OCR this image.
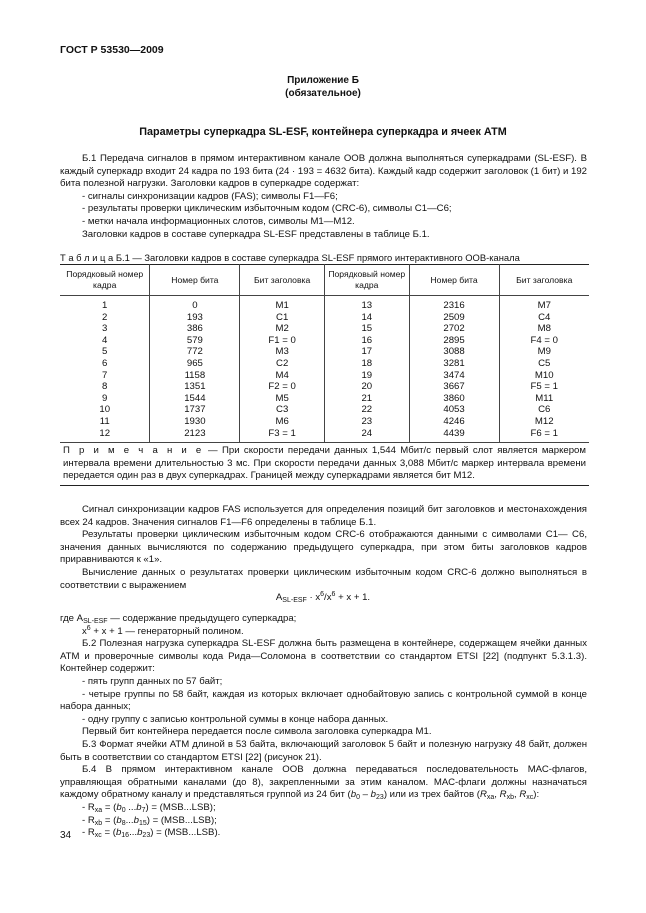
ГОСТ Р 53530—2009
Приложение Б
(обязательное)
Параметры суперкадра SL-ESF, контейнера суперкадра и ячеек АТМ

Б.1 Передача сигналов в прямом интерактивном канале ООВ должна выполняться суперкадрами (SL-ESF). В каждый суперкадр входит 24 кадра по 193 бита (24 · 193 = 4632 бита). Каждый кадр содержит заголовок (1 бит) и 192 бита полезной нагрузки. Заголовки кадров в суперкадре содержат:

- сигналы синхронизации кадров (FAS); символы F1—F6;

- результаты проверки циклическим избыточным кодом (CRC-6), символы C1—C6;

- метки начала информационных слотов, символы M1—M12.

Заголовки кадров в составе суперкадра SL-ESF представлены в таблице Б.1.

Т а б л и ц а Б.1 — Заголовки кадров в составе суперкадра SL-ESF прямого интерактивного ООВ-канала
Порядковый номер кадра	Номер бита	Бит заголовка	Порядковый номер кадра	Номер бита	Бит заголовка
1	0	M1	13	2316	M7
2	193	C1	14	2509	C4
3	386	M2	15	2702	M8
4	579	F1 = 0	16	2895	F4 = 0
5	772	M3	17	3088	M9
6	965	C2	18	3281	C5
7	1158	M4	19	3474	M10
8	1351	F2 = 0	20	3667	F5 = 1
9	1544	M5	21	3860	M11
10	1737	C3	22	4053	C6
11	1930	M6	23	4246	M12
12	2123	F3 = 1	24	4439	F6 = 1
П р и м е ч а н и е — При скорости передачи данных 1,544 Мбит/с первый слот является маркером интервала времени длительностью 3 мс. При скорости передачи данных 3,088 Мбит/с маркер интервала времени передается один раз в двух суперкадрах. Границей между суперкадрами является бит M12.					

Сигнал синхронизации кадров FAS используется для определения позиций бит заголовков и местонахождения всех 24 кадров. Значения сигналов F1—F6 определены в таблице Б.1.

Результаты проверки циклическим избыточным кодом CRC-6 отображаются данными с символами C1— C6, значения данных вычисляются по содержанию предыдущего суперкадра, при этом биты заголовков кадров приравниваются к «1».

Вычисление данных о результатах проверки циклическим избыточным кодом CRC-6 должно выполняться в соответствии с выражением

$A_{SL-ESF} \cdot x^6/x^6 + x + 1$.

где $A_{SL-ESF}$ — содержание предыдущего суперкадра;

$x^6 + x + 1$ — генераторный полином.

Б.2 Полезная нагрузка суперкадра SL-ESF должна быть размещена в контейнере, содержащем ячейки данных АТМ и проверочные символы кода Рида—Соломона в соответствии со стандартом ETSI [22] (подпункт 5.3.1.3). Контейнер содержит:

- пять групп данных по 57 байт;

- четыре группы по 58 байт, каждая из которых включает однобайтовую запись с контрольной суммой в конце набора данных;

- одну группу с записью контрольной суммы в конце набора данных.

Первый бит контейнера передается после символа заголовка суперкадра M1.

Б.3 Формат ячейки АТМ длиной в 53 байта, включающий заголовок 5 байт и полезную нагрузку 48 байт, должен быть в соответствии со стандартом ETSI [22] (рисунок 21).

Б.4 В прямом интерактивном канале ООВ должна передаваться последовательность МАС-флагов, управляющая обратными каналами (до 8), закрепленными за этим каналом. МАС-флаги должны назначаться каждому обратному каналу и представляться группой из 24 бит $(b_0 - b_{23})$ или из трех байтов ($R_{xa}$, $R_{xb}$, $R_{xc}$):

- $R_{xa} = (b_0$ $...b_7) = (MSB...LSB)$;

- $R_{xb} = (b_8...b_{15}) = (MSB...LSB)$;

- $R_{xc} = (b_{16}...b_{23}) = (MSB...LSB)$.

34
